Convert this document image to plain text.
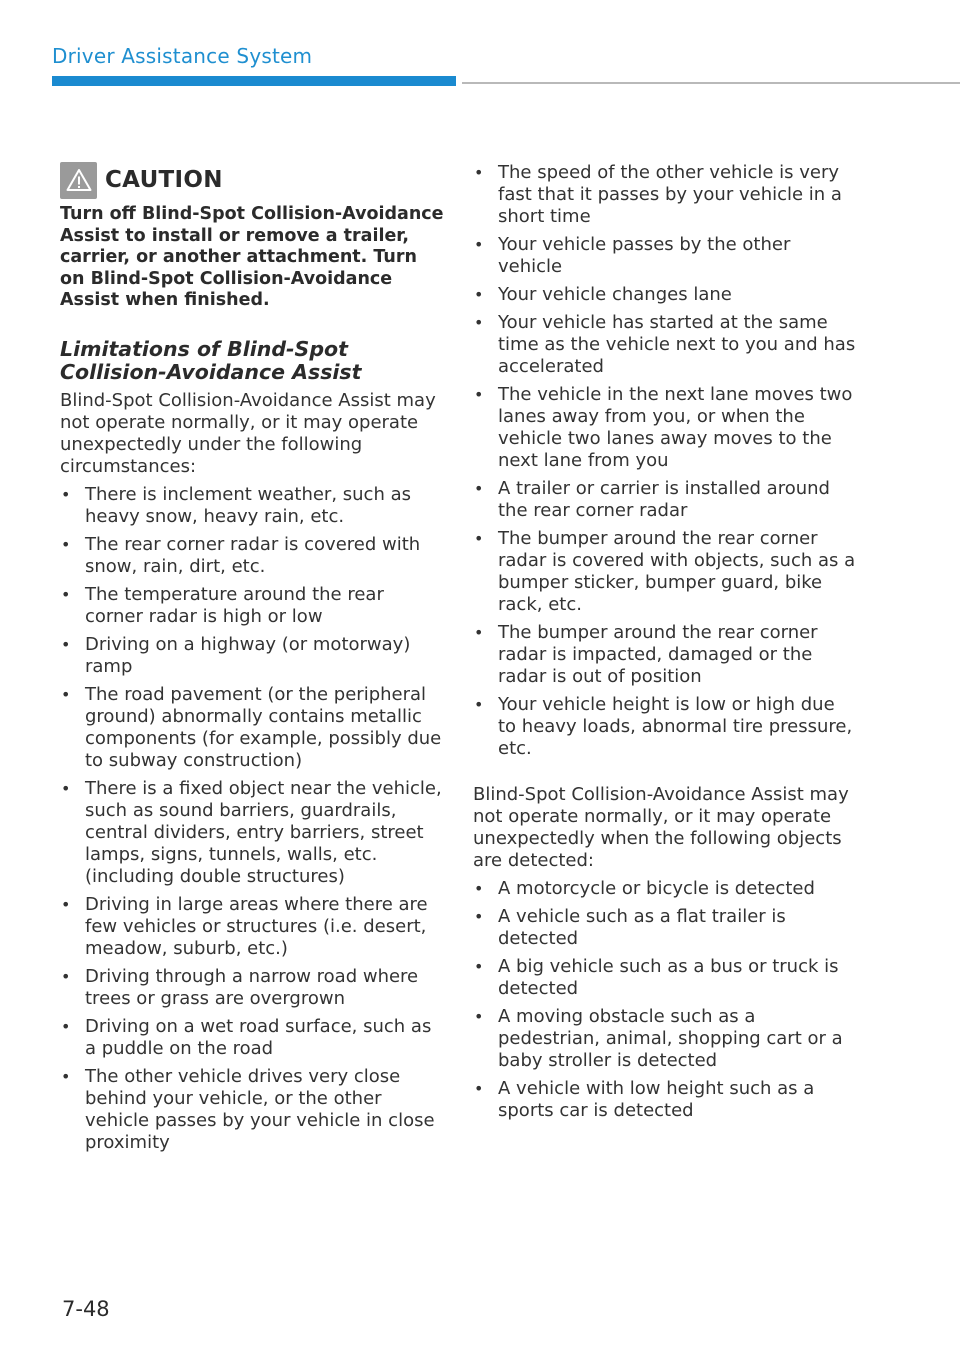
Driver Assistance System
CAUTION

Turn off Blind-Spot Collision-Avoidance Assist to install or remove a trailer, carrier, or another attachment. Turn on Blind-Spot Collision-Avoidance Assist when finished.

Limitations of Blind-Spot Collision-Avoidance Assist

Blind-Spot Collision-Avoidance Assist may not operate normally, or it may operate unexpectedly under the following circumstances:

• There is inclement weather, such as heavy snow, heavy rain, etc.
• The rear corner radar is covered with snow, rain, dirt, etc.
• The temperature around the rear corner radar is high or low
• Driving on a highway (or motorway) ramp
• The road pavement (or the peripheral ground) abnormally contains metallic components (for example, possibly due to subway construction)
• There is a fixed object near the vehicle, such as sound barriers, guardrails, central dividers, entry barriers, street lamps, signs, tunnels, walls, etc. (including double structures)
• Driving in large areas where there are few vehicles or structures (i.e. desert, meadow, suburb, etc.)
• Driving through a narrow road where trees or grass are overgrown
• Driving on a wet road surface, such as a puddle on the road
• The other vehicle drives very close behind your vehicle, or the other vehicle passes by your vehicle in close proximity
• The speed of the other vehicle is very fast that it passes by your vehicle in a short time
• Your vehicle passes by the other vehicle
• Your vehicle changes lane
• Your vehicle has started at the same time as the vehicle next to you and has accelerated
• The vehicle in the next lane moves two lanes away from you, or when the vehicle two lanes away moves to the next lane from you
• A trailer or carrier is installed around the rear corner radar
• The bumper around the rear corner radar is covered with objects, such as a bumper sticker, bumper guard, bike rack, etc.
• The bumper around the rear corner radar is impacted, damaged or the radar is out of position
• Your vehicle height is low or high due to heavy loads, abnormal tire pressure, etc.

Blind-Spot Collision-Avoidance Assist may not operate normally, or it may operate unexpectedly when the following objects are detected:

• A motorcycle or bicycle is detected
• A vehicle such as a flat trailer is detected
• A big vehicle such as a bus or truck is detected
• A moving obstacle such as a pedestrian, animal, shopping cart or a baby stroller is detected
• A vehicle with low height such as a sports car is detected
7-48
